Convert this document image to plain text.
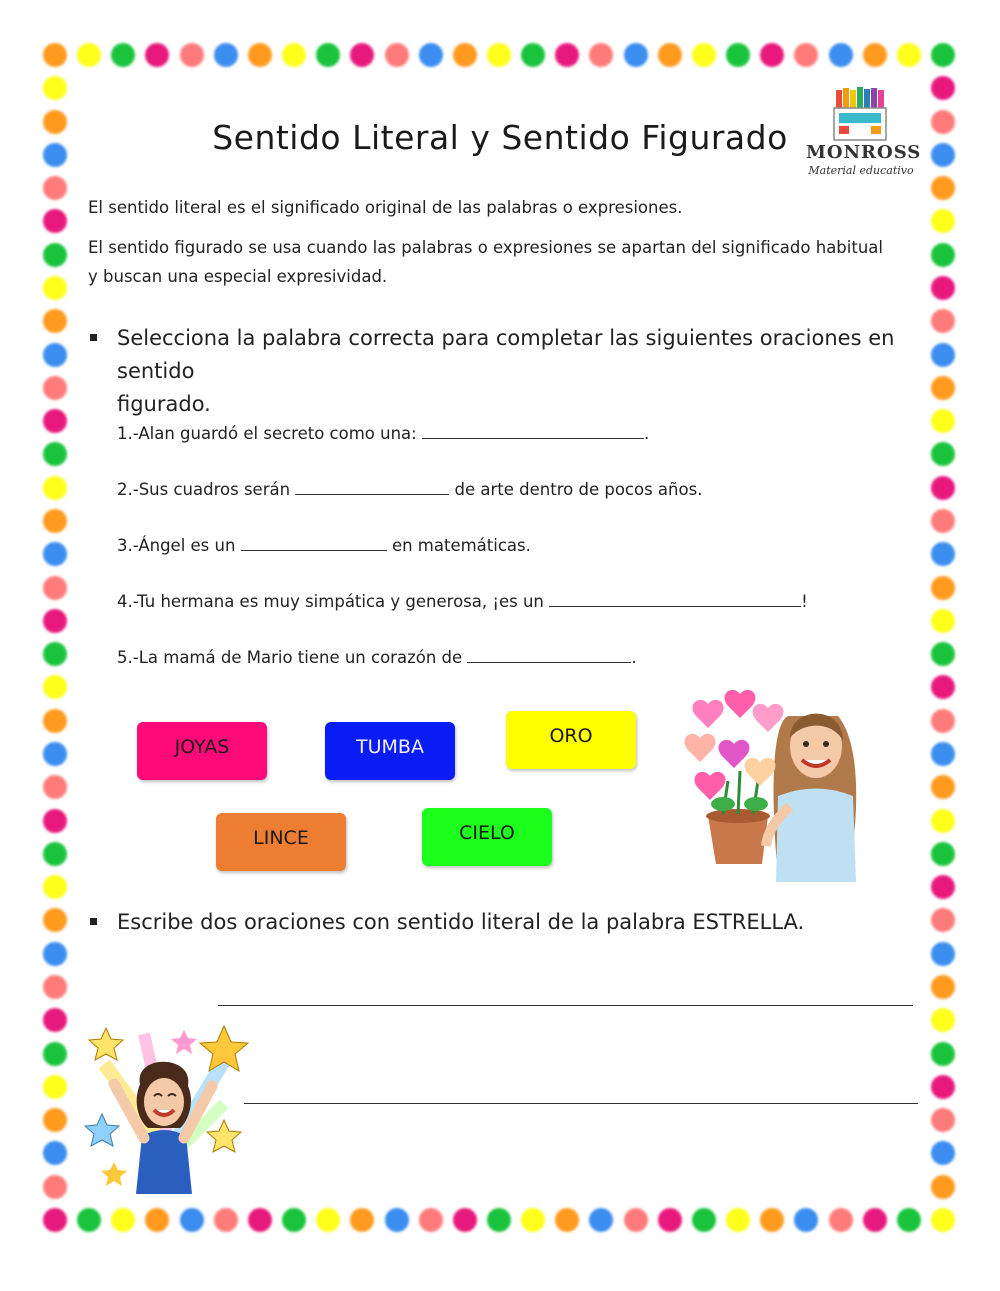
Sentido Literal y Sentido Figurado	MONROSS
Material educativo

El sentido literal es el significado original de las palabras o expresiones.

El sentido figurado se usa cuando las palabras o expresiones se apartan del significado habitual

y buscan una especial expresividad.

Selecciona la palabra correcta para completar las siguientes oraciones en sentido
figurado.
1.-Alan guardó el secreto como una:	.
2.-Sus cuadros serán	de arte dentro de pocos años.
3.-Ángel es un	en matemáticas.
4.-Tu hermana es muy simpática y generosa, ¡es un	!
5.-La mamá de Mario tiene un corazón de	.
JOYAS	TUMBA	ORO
LINCE	CIELO
Escribe dos oraciones con sentido literal de la palabra ESTRELLA.
